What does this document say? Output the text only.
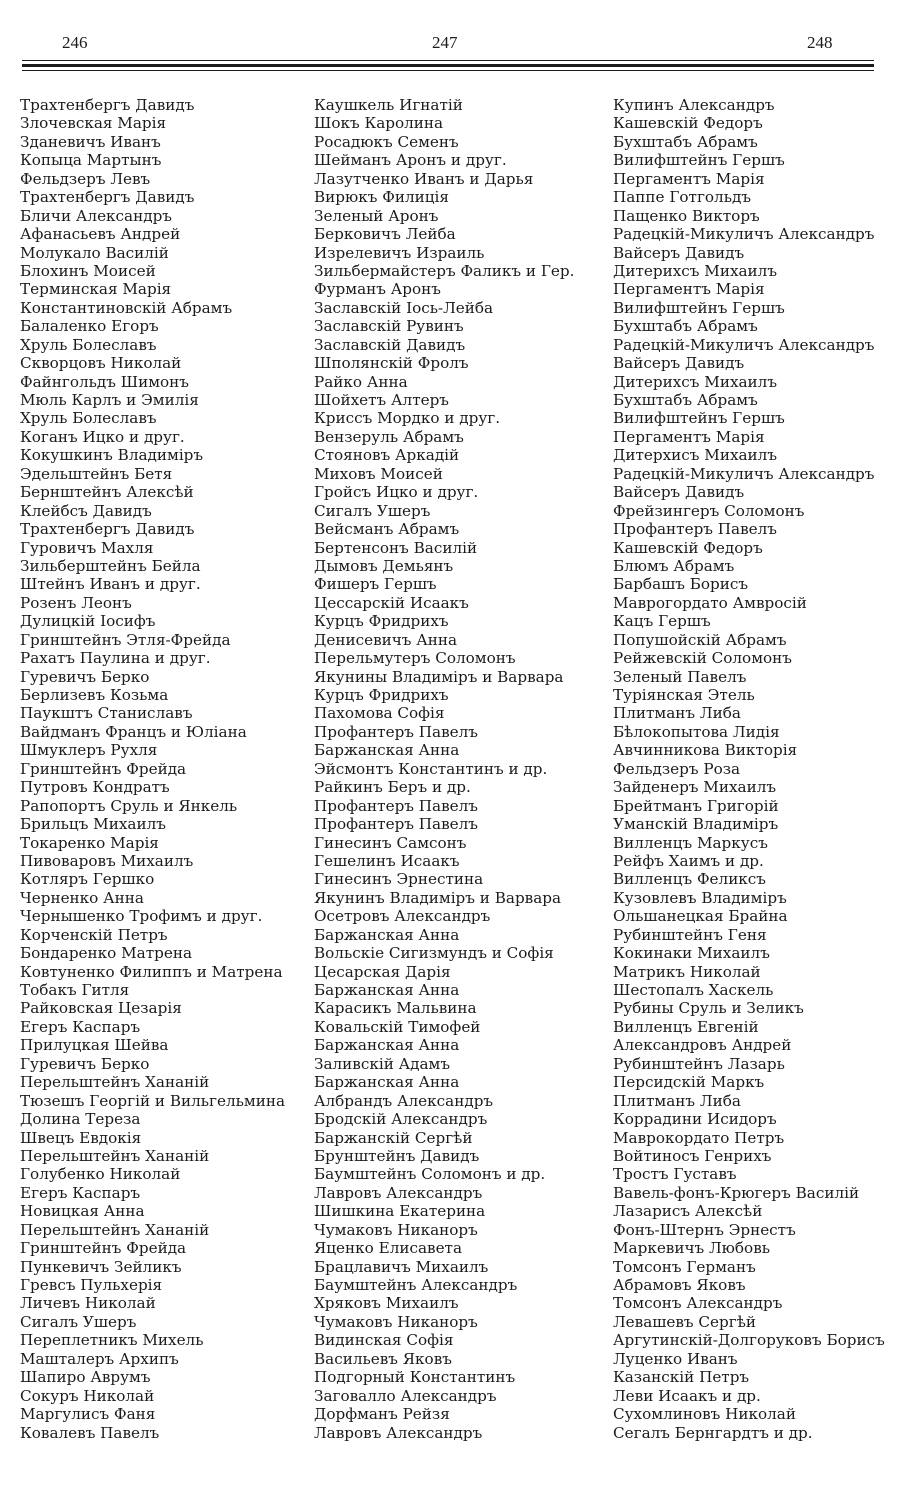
246	247	248
Трахтенбергъ Давидъ
Злочевская Марія
Зданевичъ Иванъ
Копыца Мартынъ
Фельдзеръ Левъ
Трахтенбергъ Давидъ
Бличи Александръ
Афанасьевъ Андрей
Молукало Василій
Блохинъ Моисей
Терминская Марія
Константиновскій Абрамъ
Балаленко Егоръ
Хруль Болеславъ
Скворцовъ Николай
Файнгольдъ Шимонъ
Мюль Карлъ и Эмилія
Хруль Болеславъ
Коганъ Ицко и друг.
Кокушкинъ Владиміръ
Эдельштейнъ Бетя
Бернштейнъ Алексѣй
Клейбсъ Давидъ
Трахтенбергъ Давидъ
Гуровичъ Махля
Зильберштейнъ Бейла
Штейнъ Иванъ и друг.
Розенъ Леонъ
Дулицкій Іосифъ
Гринштейнъ Этля-Фрейда
Рахатъ Паулина и друг.
Гуревичъ Берко
Берлизевъ Козьма
Паукштъ Станиславъ
Вайдманъ Францъ и Юліана
Шмуклеръ Рухля
Гринштейнъ Фрейда
Путровъ Кондратъ
Рапопортъ Сруль и Янкель
Брильцъ Михаилъ
Токаренко Марія
Пивоваровъ Михаилъ
Котляръ Гершко
Черненко Анна
Чернышенко Трофимъ и друг.
Корченскій Петръ
Бондаренко Матрена
Ковтуненко Филиппъ и Матрена
Тобакъ Гитля
Райковская Цезарія
Егеръ Каспаръ
Прилуцкая Шейва
Гуревичъ Берко
Перельштейнъ Хананій
Тюзешъ Георгій и Вильгельмина
Долина Тереза
Швецъ Евдокія
Перельштейнъ Хананій
Голубенко Николай
Егеръ Каспаръ
Новицкая Анна
Перельштейнъ Хананій
Гринштейнъ Фрейда
Пункевичъ Зейликъ
Гревсъ Пульхерія
Личевъ Николай
Сигалъ Ушеръ
Переплетникъ Михель
Машталеръ Архипъ
Шапиро Аврумъ
Сокуръ Николай
Маргулисъ Фаня
Ковалевъ Павелъ
Каушкель Игнатій
Шокъ Каролина
Росадюкъ Семенъ
Шейманъ Аронъ и друг.
Лазутченко Иванъ и Дарья
Вирюкъ Филиція
Зеленый Аронъ
Берковичъ Лейба
Изрелевичъ Израиль
Зильбермайстеръ Фаликъ и Гер.
Фурманъ Аронъ
Заславскій Іось-Лейба
Заславскій Рувинъ
Заславскій Давидъ
Шполянскій Фролъ
Райко Анна
Шойхетъ Алтеръ
Криссъ Мордко и друг.
Вензеруль Абрамъ
Стояновъ Аркадій
Миховъ Моисей
Гройсъ Ицко и друг.
Сигалъ Ушеръ
Вейсманъ Абрамъ
Бертенсонъ Василій
Дымовъ Демьянъ
Фишеръ Гершъ
Цессарскій Исаакъ
Курцъ Фридрихъ
Денисевичъ Анна
Перельмутеръ Соломонъ
Якунины Владиміръ и Варвара
Курцъ Фридрихъ
Пахомова Софія
Профантеръ Павелъ
Баржанская Анна
Эйсмонтъ Константинъ и др.
Райкинъ Беръ и др.
Профантеръ Павелъ
Профантеръ Павелъ
Гинесинъ Самсонъ
Гешелинъ Исаакъ
Гинесинъ Эрнестина
Якунинъ Владиміръ и Варвара
Осетровъ Александръ
Баржанская Анна
Вольскіе Сигизмундъ и Софія
Цесарская Дарія
Баржанская Анна
Карасикъ Мальвина
Ковальскій Тимофей
Баржанская Анна
Заливскій Адамъ
Баржанская Анна
Албрандъ Александръ
Бродскій Александръ
Баржанскій Сергѣй
Брунштейнъ Давидъ
Баумштейнъ Соломонъ и др.
Лавровъ Александръ
Шишкина Екатерина
Чумаковъ Никаноръ
Яценко Елисавета
Брацлавичъ Михаилъ
Баумштейнъ Александръ
Хряковъ Михаилъ
Чумаковъ Никаноръ
Видинская Софія
Васильевъ Яковъ
Подгорный Константинъ
Заговалло Александръ
Дорфманъ Рейзя
Лавровъ Александръ
Купинъ Александръ
Кашевскій Федоръ
Бухштабъ Абрамъ
Вилифштейнъ Гершъ
Пергаментъ Марія
Паппе Готгольдъ
Пащенко Викторъ
Радецкій-Микуличъ Александръ
Вайсеръ Давидъ
Дитерихсъ Михаилъ
Пергаментъ Марія
Вилифштейнъ Гершъ
Бухштабъ Абрамъ
Радецкій-Микуличъ Александръ
Вайсеръ Давидъ
Дитерихсъ Михаилъ
Бухштабъ Абрамъ
Вилифштейнъ Гершъ
Пергаментъ Марія
Дитерхисъ Михаилъ
Радецкій-Микуличъ Александръ
Вайсеръ Давидъ
Фрейзингеръ Соломонъ
Профантеръ Павелъ
Кашевскій Федоръ
Блюмъ Абрамъ
Барбашъ Борисъ
Маврогордато Амвросій
Кацъ Гершъ
Попушойскій Абрамъ
Рейжевскій Соломонъ
Зеленый Павелъ
Туріянская Этель
Плитманъ Либа
Бѣлокопытова Лидія
Авчинникова Викторія
Фельдзеръ Роза
Зайденеръ Михаилъ
Брейтманъ Григорій
Уманскій Владиміръ
Вилленцъ Маркусъ
Рейфъ Хаимъ и др.
Вилленцъ Феликсъ
Кузовлевъ Владиміръ
Ольшанецкая Брайна
Рубинштейнъ Геня
Кокинаки Михаилъ
Матрикъ Николай
Шестопалъ Хаскель
Рубины Сруль и Зеликъ
Вилленцъ Евгеній
Александровъ Андрей
Рубинштейнъ Лазарь
Персидскій Маркъ
Плитманъ Либа
Коррадини Исидоръ
Маврокордато Петръ
Войтиносъ Генрихъ
Тростъ Густавъ
Вавель-фонъ-Крюгеръ Василій
Лазарисъ Алексѣй
Фонъ-Штернъ Эрнестъ
Маркевичъ Любовь
Томсонъ Германъ
Абрамовъ Яковъ
Томсонъ Александръ
Левашевъ Сергѣй
Аргутинскій-Долгоруковъ Борисъ
Луценко Иванъ
Казанскій Петръ
Леви Исаакъ и др.
Сухомлиновъ Николай
Сегалъ Бернгардтъ и др.
